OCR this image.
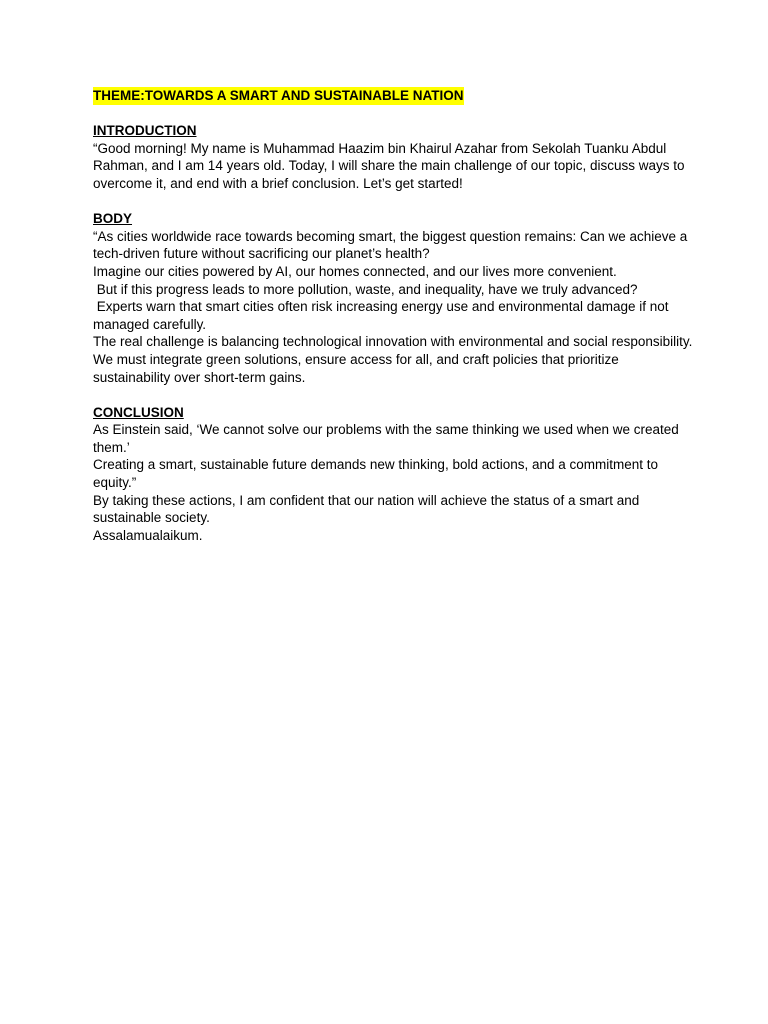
THEME:TOWARDS A SMART AND SUSTAINABLE NATION
INTRODUCTION
“Good morning! My name is Muhammad Haazim bin Khairul Azahar from Sekolah Tuanku Abdul Rahman, and I am 14 years old. Today, I will share the main challenge of our topic, discuss ways to overcome it, and end with a brief conclusion. Let’s get started!
BODY
“As cities worldwide race towards becoming smart, the biggest question remains: Can we achieve a tech-driven future without sacrificing our planet’s health?
Imagine our cities powered by AI, our homes connected, and our lives more convenient.
But if this progress leads to more pollution, waste, and inequality, have we truly advanced?
Experts warn that smart cities often risk increasing energy use and environmental damage if not managed carefully.
The real challenge is balancing technological innovation with environmental and social responsibility.
We must integrate green solutions, ensure access for all, and craft policies that prioritize sustainability over short-term gains.
CONCLUSION
As Einstein said, ‘We cannot solve our problems with the same thinking we used when we created them.’
Creating a smart, sustainable future demands new thinking, bold actions, and a commitment to equity.”
By taking these actions, I am confident that our nation will achieve the status of a smart and sustainable society.
Assalamualaikum.
